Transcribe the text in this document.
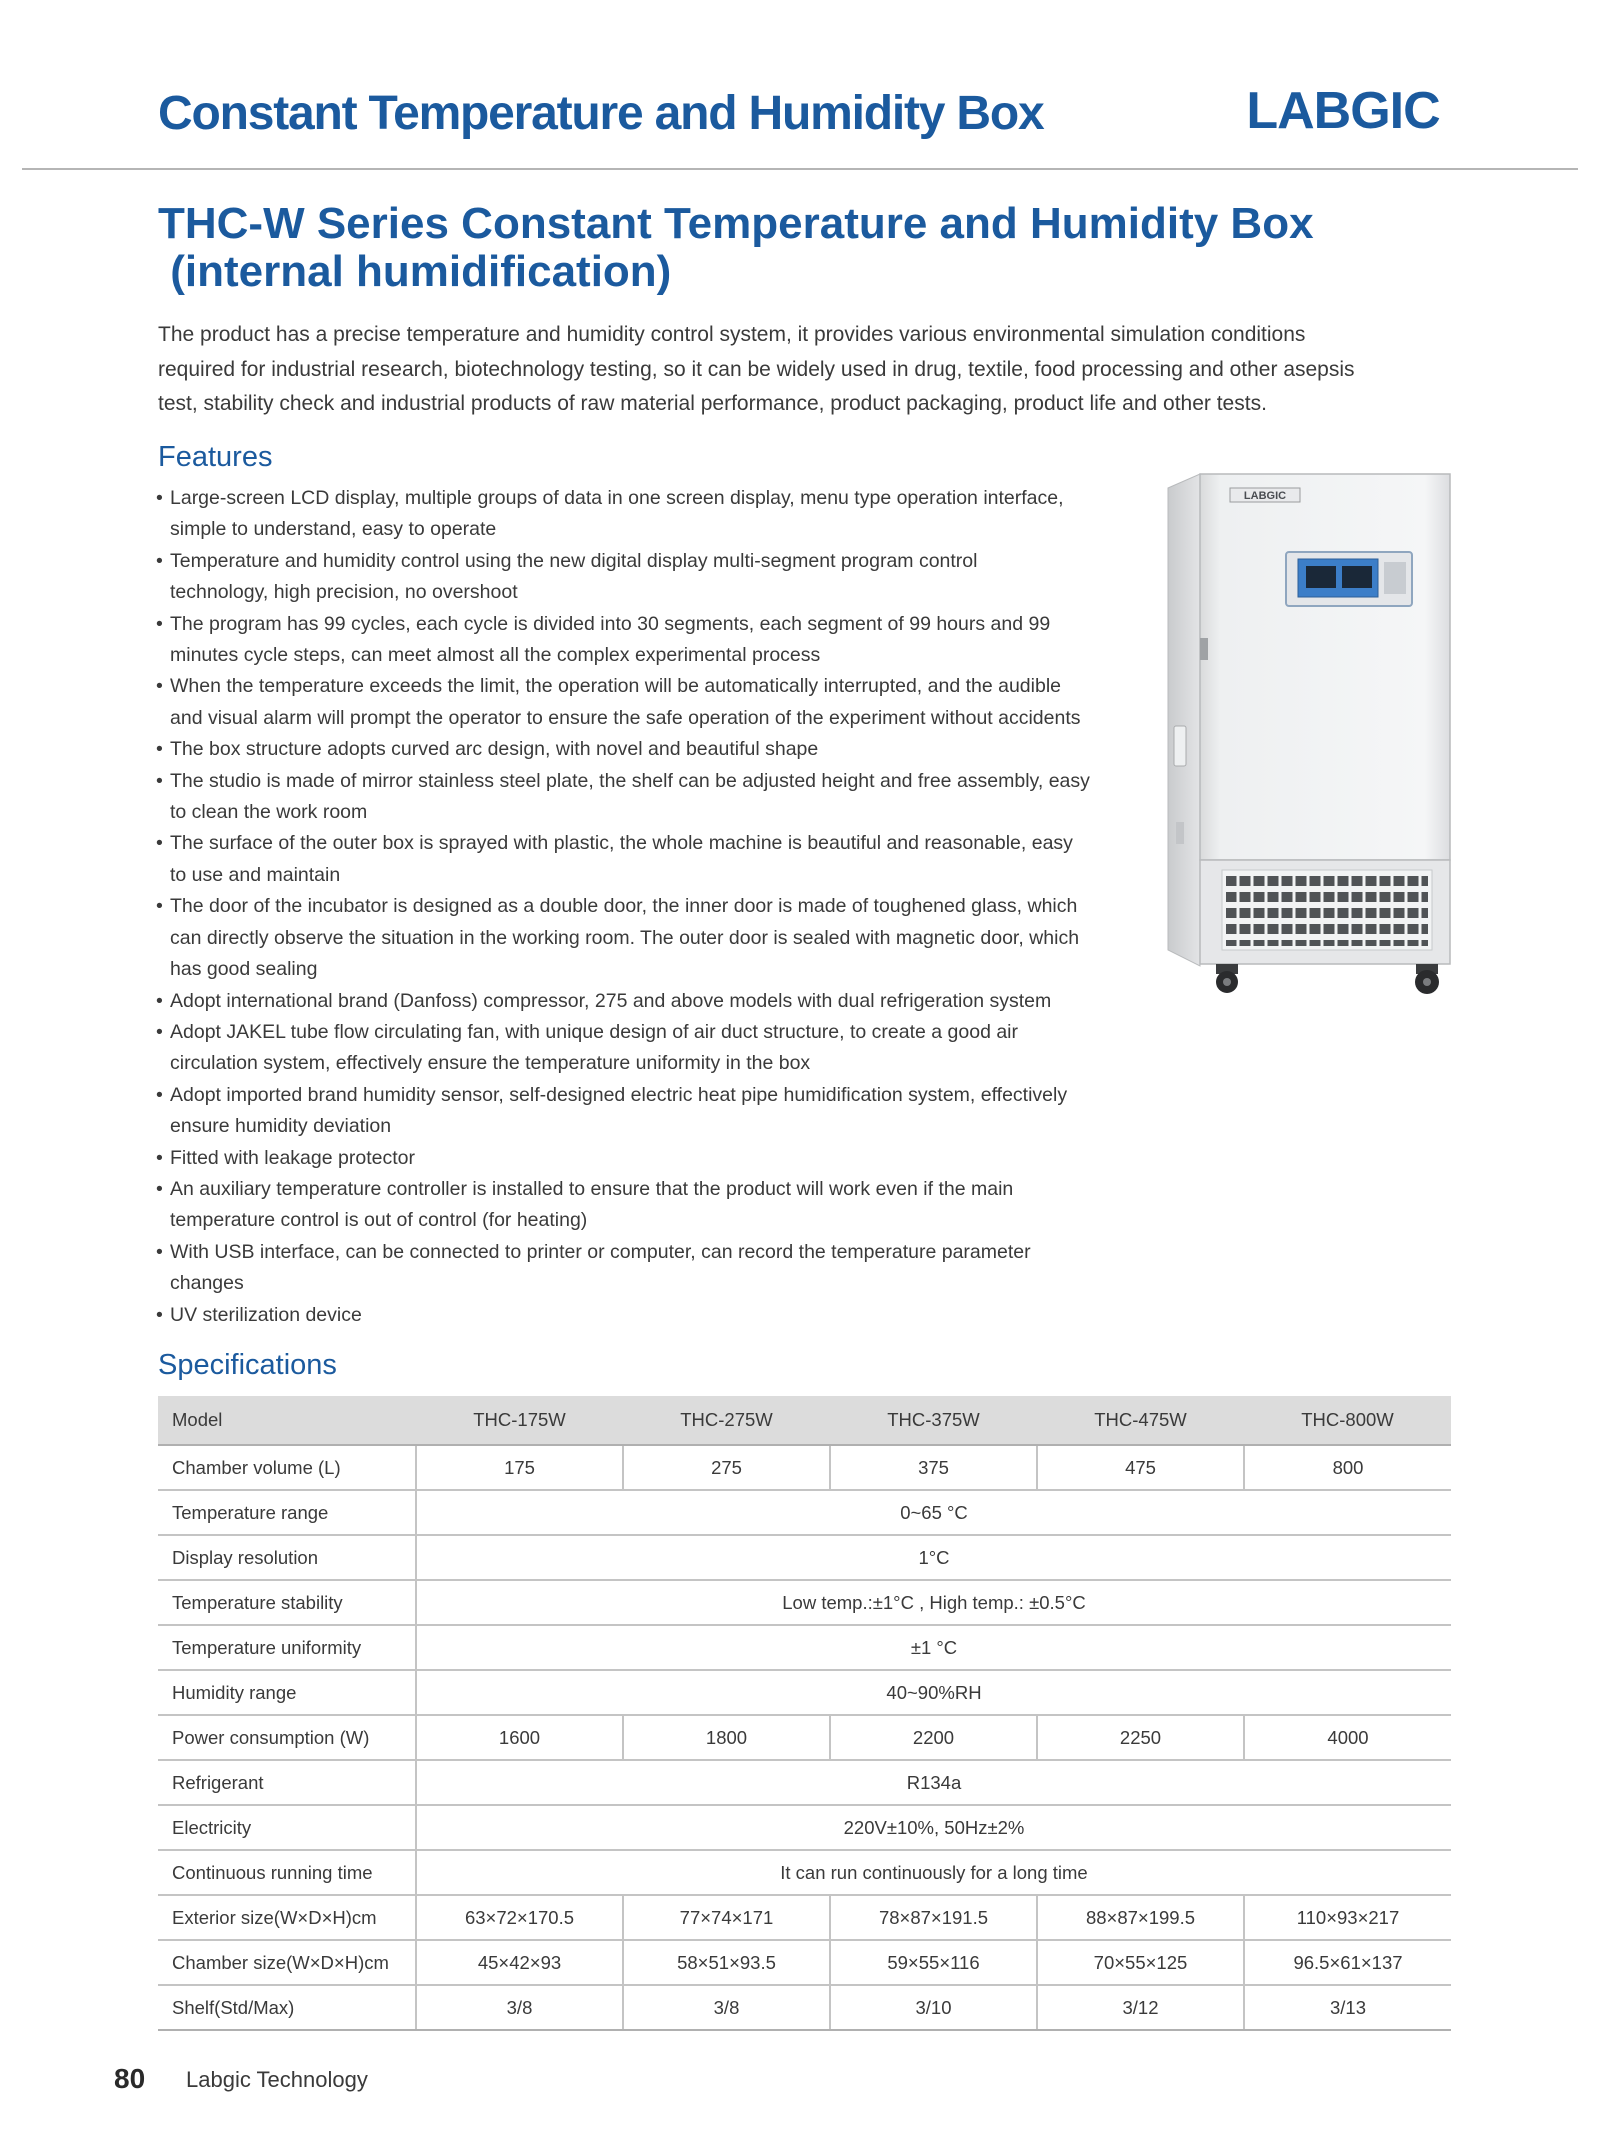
Constant Temperature and Humidity Box	LABGIC
THC-W Series Constant Temperature and Humidity Box
(internal humidification)
The product has a precise temperature and humidity control system, it provides various environmental simulation conditions
required for industrial research, biotechnology testing, so it can be widely used in drug, textile, food processing and other asepsis
test, stability check and industrial products of raw material performance, product packaging, product life and other tests.
Features
• Large-screen LCD display, multiple groups of data in one screen display, menu type operation interface,
simple to understand, easy to operate
• Temperature and humidity control using the new digital display multi-segment program control
technology, high precision, no overshoot
• The program has 99 cycles, each cycle is divided into 30 segments, each segment of 99 hours and 99
minutes cycle steps, can meet almost all the complex experimental process
• When the temperature exceeds the limit, the operation will be automatically interrupted, and the audible
and visual alarm will prompt the operator to ensure the safe operation of the experiment without accidents
• The box structure adopts curved arc design, with novel and beautiful shape
• The studio is made of mirror stainless steel plate, the shelf can be adjusted height and free assembly, easy
to clean the work room
• The surface of the outer box is sprayed with plastic, the whole machine is beautiful and reasonable, easy
to use and maintain
• The door of the incubator is designed as a double door, the inner door is made of toughened glass, which
can directly observe the situation in the working room. The outer door is sealed with magnetic door, which
has good sealing
• Adopt international brand (Danfoss) compressor, 275 and above models with dual refrigeration system
• Adopt JAKEL tube flow circulating fan, with unique design of air duct structure, to create a good air
circulation system, effectively ensure the temperature uniformity in the box
• Adopt imported brand humidity sensor, self-designed electric heat pipe humidification system, effectively
ensure humidity deviation
• Fitted with leakage protector
• An auxiliary temperature controller is installed to ensure that the product will work even if the main
temperature control is out of control (for heating)
• With USB interface, can be connected to printer or computer, can record the temperature parameter
changes
• UV sterilization device
LABGIC
Specifications
Model	THC-175W	THC-275W	THC-375W	THC-475W	THC-800W
Chamber volume (L)	175	275	375	475	800
Temperature range	0~65 °C				
Display resolution	1°C				
Temperature stability	Low temp.:±1°C , High temp.: ±0.5°C				
Temperature uniformity	±1 °C				
Humidity range	40~90%RH				
Power consumption (W)	1600	1800	2200	2250	4000
Refrigerant	R134a				
Electricity	220V±10%, 50Hz±2%				
Continuous running time	It can run continuously for a long time				
Exterior size(W×D×H)cm	63×72×170.5	77×74×171	78×87×191.5	88×87×199.5	110×93×217
Chamber size(W×D×H)cm	45×42×93	58×51×93.5	59×55×116	70×55×125	96.5×61×137
Shelf(Std/Max)	3/8	3/8	3/10	3/12	3/13
80 Labgic Technology
